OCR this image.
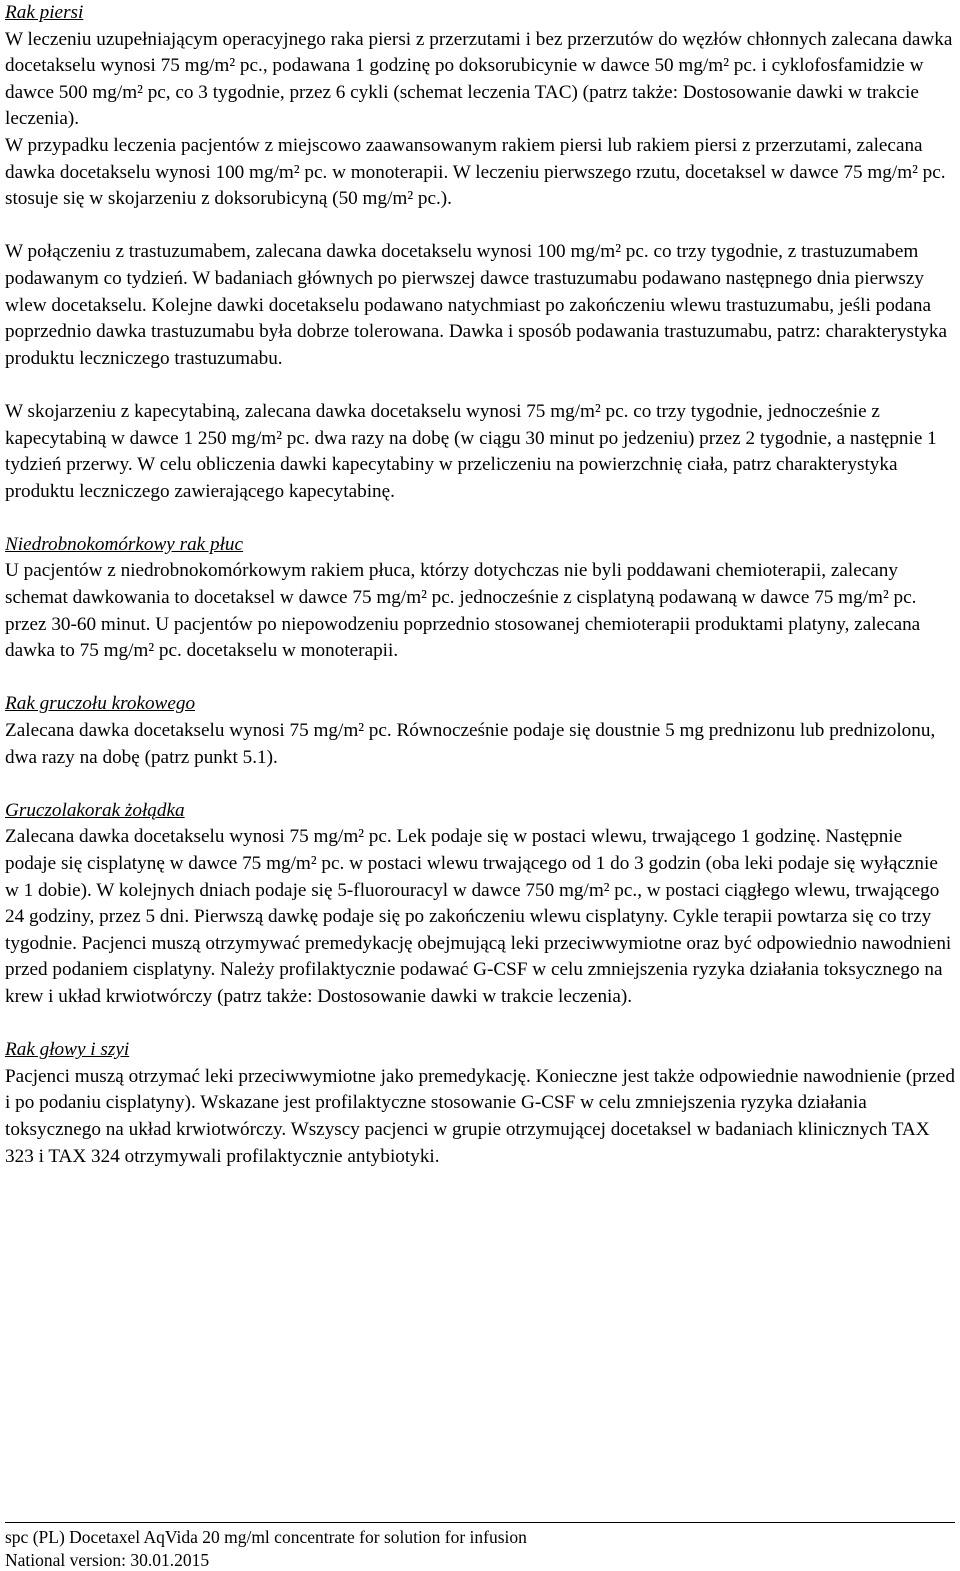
Rak piersi

W leczeniu uzupełniającym operacyjnego raka piersi z przerzutami i bez przerzutów do węzłów chłonnych zalecana dawka docetakselu wynosi 75 mg/m² pc., podawana 1 godzinę po doksorubicynie w dawce 50 mg/m² pc. i cyklofosfamidzie w dawce 500 mg/m² pc, co 3 tygodnie, przez 6 cykli (schemat leczenia TAC) (patrz także: Dostosowanie dawki w trakcie leczenia).

W przypadku leczenia pacjentów z miejscowo zaawansowanym rakiem piersi lub rakiem piersi z przerzutami, zalecana dawka docetakselu wynosi 100 mg/m² pc. w monoterapii. W leczeniu pierwszego rzutu, docetaksel w dawce 75 mg/m² pc. stosuje się w skojarzeniu z doksorubicyną (50 mg/m² pc.).

W połączeniu z trastuzumabem, zalecana dawka docetakselu wynosi 100 mg/m² pc. co trzy tygodnie, z trastuzumabem podawanym co tydzień. W badaniach głównych po pierwszej dawce trastuzumabu podawano następnego dnia pierwszy wlew docetakselu. Kolejne dawki docetakselu podawano natychmiast po zakończeniu wlewu trastuzumabu, jeśli podana poprzednio dawka trastuzumabu była dobrze tolerowana. Dawka i sposób podawania trastuzumabu, patrz: charakterystyka produktu leczniczego trastuzumabu.

W skojarzeniu z kapecytabiną, zalecana dawka docetakselu wynosi 75 mg/m² pc. co trzy tygodnie, jednocześnie z kapecytabiną w dawce 1 250 mg/m² pc. dwa razy na dobę (w ciągu 30 minut po jedzeniu) przez 2 tygodnie, a następnie 1 tydzień przerwy. W celu obliczenia dawki kapecytabiny w przeliczeniu na powierzchnię ciała, patrz charakterystyka produktu leczniczego zawierającego kapecytabinę.

Niedrobnokomórkowy rak płuc

U pacjentów z niedrobnokomórkowym rakiem płuca, którzy dotychczas nie byli poddawani chemioterapii, zalecany schemat dawkowania to docetaksel w dawce 75 mg/m² pc. jednocześnie z cisplatyną podawaną w dawce 75 mg/m² pc. przez 30-60 minut. U pacjentów po niepowodzeniu poprzednio stosowanej chemioterapii produktami platyny, zalecana dawka to 75 mg/m² pc. docetakselu w monoterapii.

Rak gruczołu krokowego

Zalecana dawka docetakselu wynosi 75 mg/m² pc. Równocześnie podaje się doustnie 5 mg prednizonu lub prednizolonu, dwa razy na dobę (patrz punkt 5.1).

Gruczolakorak żołądka

Zalecana dawka docetakselu wynosi 75 mg/m² pc. Lek podaje się w postaci wlewu, trwającego 1 godzinę. Następnie podaje się cisplatynę w dawce 75 mg/m² pc. w postaci wlewu trwającego od 1 do 3 godzin (oba leki podaje się wyłącznie w 1 dobie). W kolejnych dniach podaje się 5-fluorouracyl w dawce 750 mg/m² pc., w postaci ciągłego wlewu, trwającego 24 godziny, przez 5 dni. Pierwszą dawkę podaje się po zakończeniu wlewu cisplatyny. Cykle terapii powtarza się co trzy tygodnie. Pacjenci muszą otrzymywać premedykację obejmującą leki przeciwwymiotne oraz być odpowiednio nawodnieni przed podaniem cisplatyny. Należy profilaktycznie podawać G-CSF w celu zmniejszenia ryzyka działania toksycznego na krew i układ krwiotwórczy (patrz także: Dostosowanie dawki w trakcie leczenia).

Rak głowy i szyi

Pacjenci muszą otrzymać leki przeciwwymiotne jako premedykację. Konieczne jest także odpowiednie nawodnienie (przed i po podaniu cisplatyny). Wskazane jest profilaktyczne stosowanie G-CSF w celu zmniejszenia ryzyka działania toksycznego na układ krwiotwórczy. Wszyscy pacjenci w grupie otrzymującej docetaksel w badaniach klinicznych TAX 323 i TAX 324 otrzymywali profilaktycznie antybiotyki.

spc (PL) Docetaxel AqVida 20 mg/ml concentrate for solution for infusion
National version: 30.01.2015
